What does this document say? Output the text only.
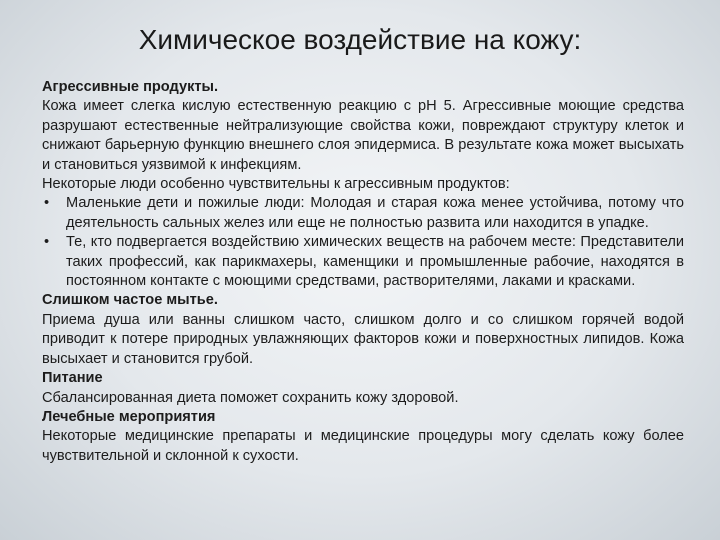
Химическое воздействие на кожу:
Агрессивные продукты.

Кожа имеет слегка кислую естественную реакцию с pH 5. Агрессивные моющие средства разрушают естественные нейтрализующие свойства кожи, повреждают структуру клеток и снижают барьерную функцию внешнего слоя эпидермиса. В результате кожа может высыхать и становиться уязвимой к инфекциям.

Некоторые люди особенно чувствительны к агрессивным продуктов:

• Маленькие дети и пожилые люди: Молодая и старая кожа менее устойчива, потому что деятельность сальных желез или еще не полностью развита или находится в упадке.
• Те, кто подвергается воздействию химических веществ на рабочем месте: Представители таких профессий, как парикмахеры, каменщики и промышленные рабочие, находятся в постоянном контакте с моющими средствами, растворителями, лаками и красками.
Слишком частое мытье.

Приема душа или ванны слишком часто, слишком долго и со слишком горячей водой приводит к потере природных увлажняющих факторов кожи и поверхностных липидов. Кожа высыхает и становится грубой.

Питание

Сбалансированная диета поможет сохранить кожу здоровой.

Лечебные мероприятия

Некоторые медицинские препараты и медицинские процедуры могу сделать кожу более чувствительной и склонной к сухости.
